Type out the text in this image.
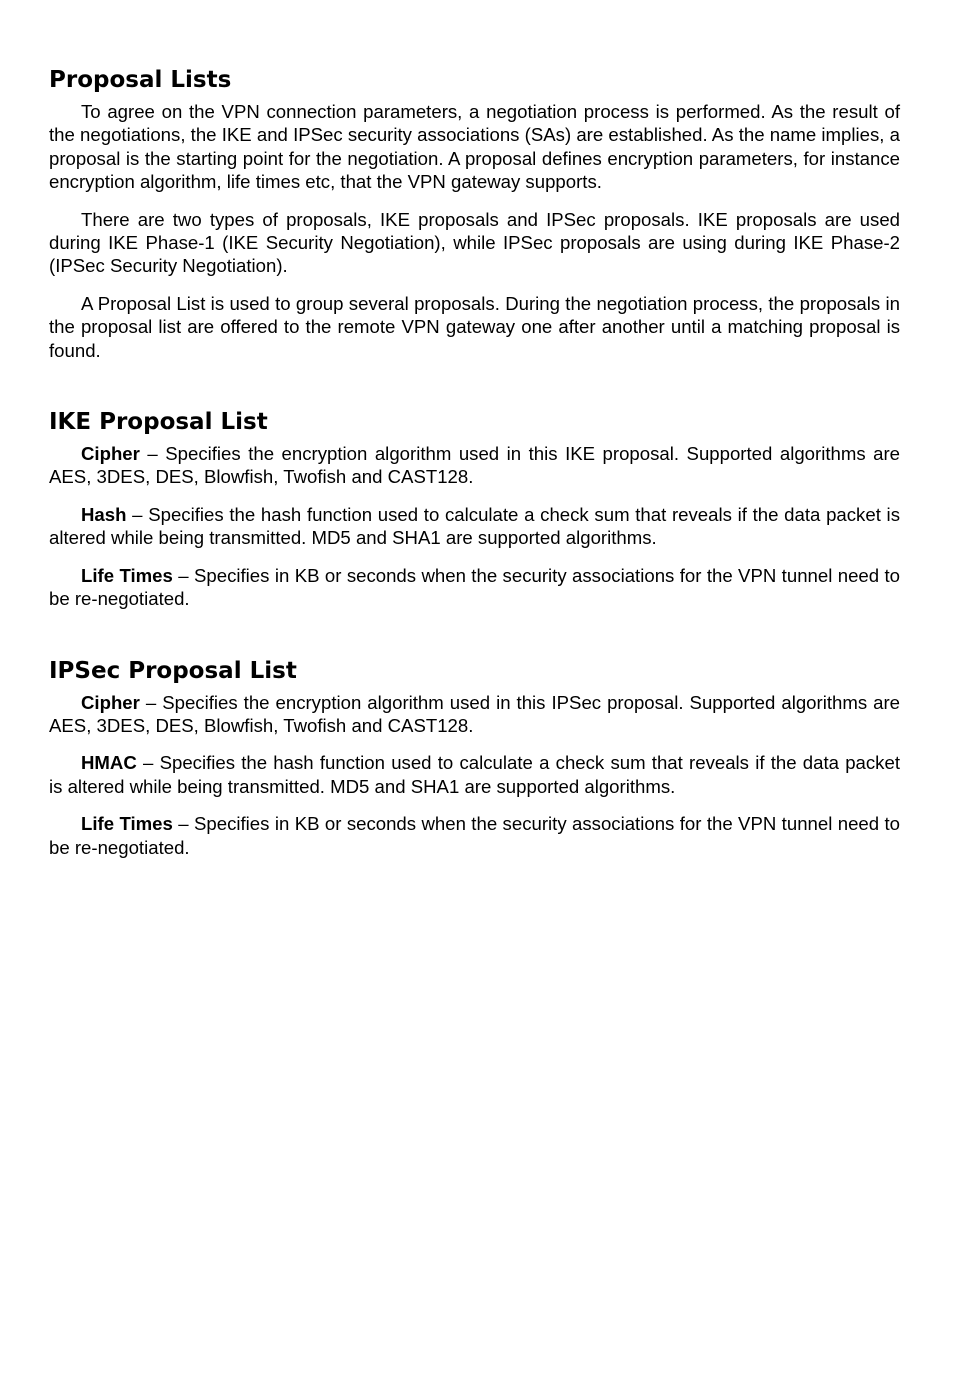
Proposal Lists

To agree on the VPN connection parameters, a negotiation process is performed. As the result of the negotiations, the IKE and IPSec security associations (SAs) are established. As the name implies, a proposal is the starting point for the negotiation. A proposal defines encryption parameters, for instance encryption algorithm, life times etc, that the VPN gateway supports.

There are two types of proposals, IKE proposals and IPSec proposals. IKE proposals are used during IKE Phase-1 (IKE Security Negotiation), while IPSec proposals are using during IKE Phase-2 (IPSec Security Negotiation).

A Proposal List is used to group several proposals. During the negotiation process, the proposals in the proposal list are offered to the remote VPN gateway one after another until a matching proposal is found.

IKE Proposal List

Cipher – Specifies the encryption algorithm used in this IKE proposal. Supported algorithms are AES, 3DES, DES, Blowfish, Twofish and CAST128.

Hash – Specifies the hash function used to calculate a check sum that reveals if the data packet is altered while being transmitted. MD5 and SHA1 are supported algorithms.

Life Times – Specifies in KB or seconds when the security associations for the VPN tunnel need to be re-negotiated.

IPSec Proposal List

Cipher – Specifies the encryption algorithm used in this IPSec proposal. Supported algorithms are AES, 3DES, DES, Blowfish, Twofish and CAST128.

HMAC – Specifies the hash function used to calculate a check sum that reveals if the data packet is altered while being transmitted. MD5 and SHA1 are supported algorithms.

Life Times – Specifies in KB or seconds when the security associations for the VPN tunnel need to be re-negotiated.
